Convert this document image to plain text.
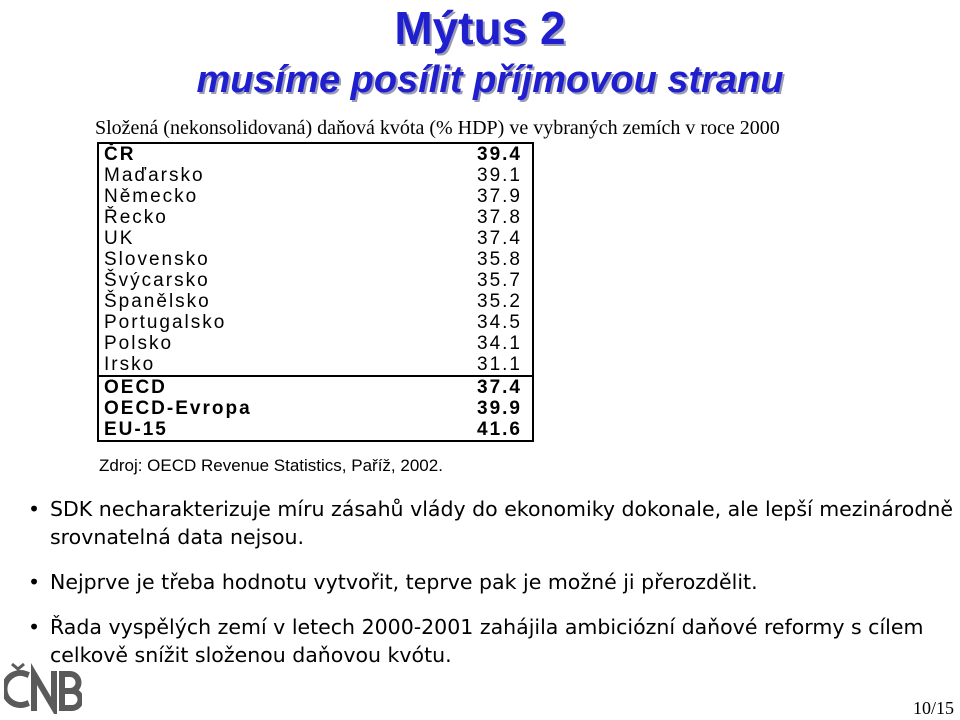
Mýtus 2
musíme posílit příjmovou stranu
Složená (nekonsolidovaná) daňová kvóta (% HDP) ve vybraných zemích v roce 2000
ČR	39.4
Maďarsko	39.1
Německo	37.9
Řecko	37.8
UK	37.4
Slovensko	35.8
Švýcarsko	35.7
Španělsko	35.2
Portugalsko	34.5
Polsko	34.1
Irsko	31.1
OECD	37.4
OECD-Evropa	39.9
EU-15	41.6
Zdroj: OECD Revenue Statistics, Paříž, 2002.
• SDK necharakterizuje míru zásahů vlády do ekonomiky dokonale, ale lepší mezinárodně srovnatelná data nejsou.
• Nejprve je třeba hodnotu vytvořit, teprve pak je možné ji přerozdělit.
• Řada vyspělých zemí v letech 2000-2001 zahájila ambiciózní daňové reformy s cílem celkově snížit složenou daňovou kvótu.
10/15
